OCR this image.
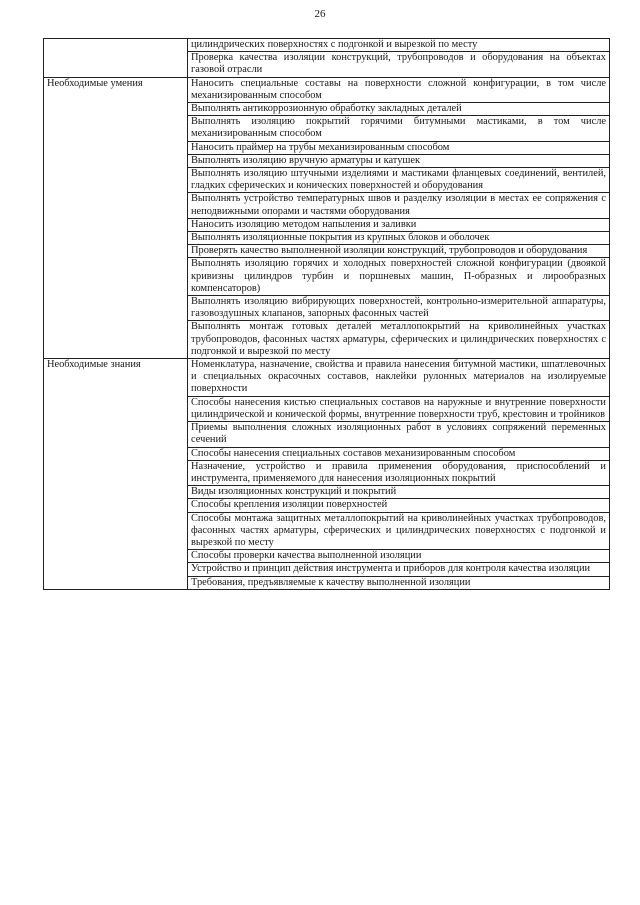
26
	цилиндрических поверхностях с подгонкой и вырезкой по месту
	Проверка качества изоляции конструкций, трубопроводов и оборудования на объектах газовой отрасли
Необходимые умения	Наносить специальные составы на поверхности сложной конфигурации, в том числе механизированным способом
	Выполнять антикоррозионную обработку закладных деталей
	Выполнять изоляцию покрытий горячими битумными мастиками, в том числе механизированным способом
	Наносить праймер на трубы механизированным способом
	Выполнять изоляцию вручную арматуры и катушек
	Выполнять изоляцию штучными изделиями и мастиками фланцевых соединений, вентилей, гладких сферических и конических поверхностей и оборудования
	Выполнять устройство температурных швов и разделку изоляции в местах ее сопряжения с неподвижными опорами и частями оборудования
	Наносить изоляцию методом напыления и заливки
	Выполнять изоляционные покрытия из крупных блоков и оболочек
	Проверять качество выполненной изоляции конструкций, трубопроводов и оборудования
	Выполнять изоляцию горячих и холодных поверхностей сложной конфигурации (двоякой кривизны цилиндров турбин и поршневых машин, П-образных и лирообразных компенсаторов)
	Выполнять изоляцию вибрирующих поверхностей, контрольно-измерительной аппаратуры, газовоздушных клапанов, запорных фасонных частей
	Выполнять монтаж готовых деталей металлопокрытий на криволинейных участках трубопроводов, фасонных частях арматуры, сферических и цилиндрических поверхностях с подгонкой и вырезкой по месту
Необходимые знания	Номенклатура, назначение, свойства и правила нанесения битумной мастики, шпатлевочных и специальных окрасочных составов, наклейки рулонных материалов на изолируемые поверхности
	Способы нанесения кистью специальных составов на наружные и внутренние поверхности цилиндрической и конической формы, внутренние поверхности труб, крестовин и тройников
	Приемы выполнения сложных изоляционных работ в условиях сопряжений переменных сечений
	Способы нанесения специальных составов механизированным способом
	Назначение, устройство и правила применения оборудования, приспособлений и инструмента, применяемого для нанесения изоляционных покрытий
	Виды изоляционных конструкций и покрытий
	Способы крепления изоляции поверхностей
	Способы монтажа защитных металлопокрытий на криволинейных участках трубопроводов, фасонных частях арматуры, сферических и цилиндрических поверхностях с подгонкой и вырезкой по месту
	Способы проверки качества выполненной изоляции
	Устройство и принцип действия инструмента и приборов для контроля качества изоляции
	Требования, предъявляемые к качеству выполненной изоляции
